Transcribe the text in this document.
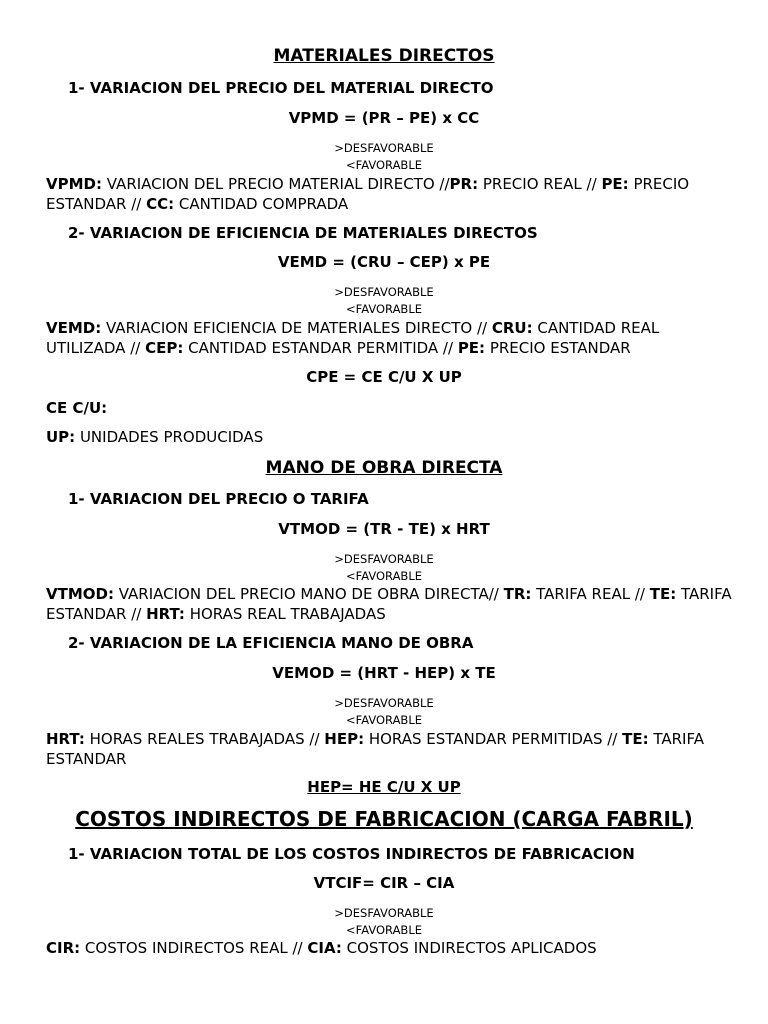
MATERIALES DIRECTOS
1- VARIACION DEL PRECIO DEL MATERIAL DIRECTO
VPMD = (PR – PE) x CC
>DESFAVORABLE
<FAVORABLE
VPMD: VARIACION DEL PRECIO MATERIAL DIRECTO //PR: PRECIO REAL // PE: PRECIO ESTANDAR // CC: CANTIDAD COMPRADA
2- VARIACION DE EFICIENCIA DE MATERIALES DIRECTOS
VEMD = (CRU – CEP) x PE
>DESFAVORABLE
<FAVORABLE
VEMD: VARIACION EFICIENCIA DE MATERIALES DIRECTO // CRU: CANTIDAD REAL UTILIZADA // CEP: CANTIDAD ESTANDAR PERMITIDA // PE: PRECIO ESTANDAR
CPE = CE C/U X UP
CE C/U:
UP: UNIDADES PRODUCIDAS
MANO DE OBRA DIRECTA
1- VARIACION DEL PRECIO O TARIFA
VTMOD = (TR - TE) x HRT
>DESFAVORABLE
<FAVORABLE
VTMOD: VARIACION DEL PRECIO MANO DE OBRA DIRECTA// TR: TARIFA REAL // TE: TARIFA ESTANDAR // HRT: HORAS REAL TRABAJADAS
2- VARIACION DE LA EFICIENCIA MANO DE OBRA
VEMOD = (HRT - HEP) x TE
>DESFAVORABLE
<FAVORABLE
HRT: HORAS REALES TRABAJADAS // HEP: HORAS ESTANDAR PERMITIDAS // TE: TARIFA ESTANDAR
HEP= HE C/U X UP
COSTOS INDIRECTOS DE FABRICACION (CARGA FABRIL)
1- VARIACION TOTAL DE LOS COSTOS INDIRECTOS DE FABRICACION
VTCIF= CIR – CIA
>DESFAVORABLE
<FAVORABLE
CIR: COSTOS INDIRECTOS REAL // CIA: COSTOS INDIRECTOS APLICADOS
